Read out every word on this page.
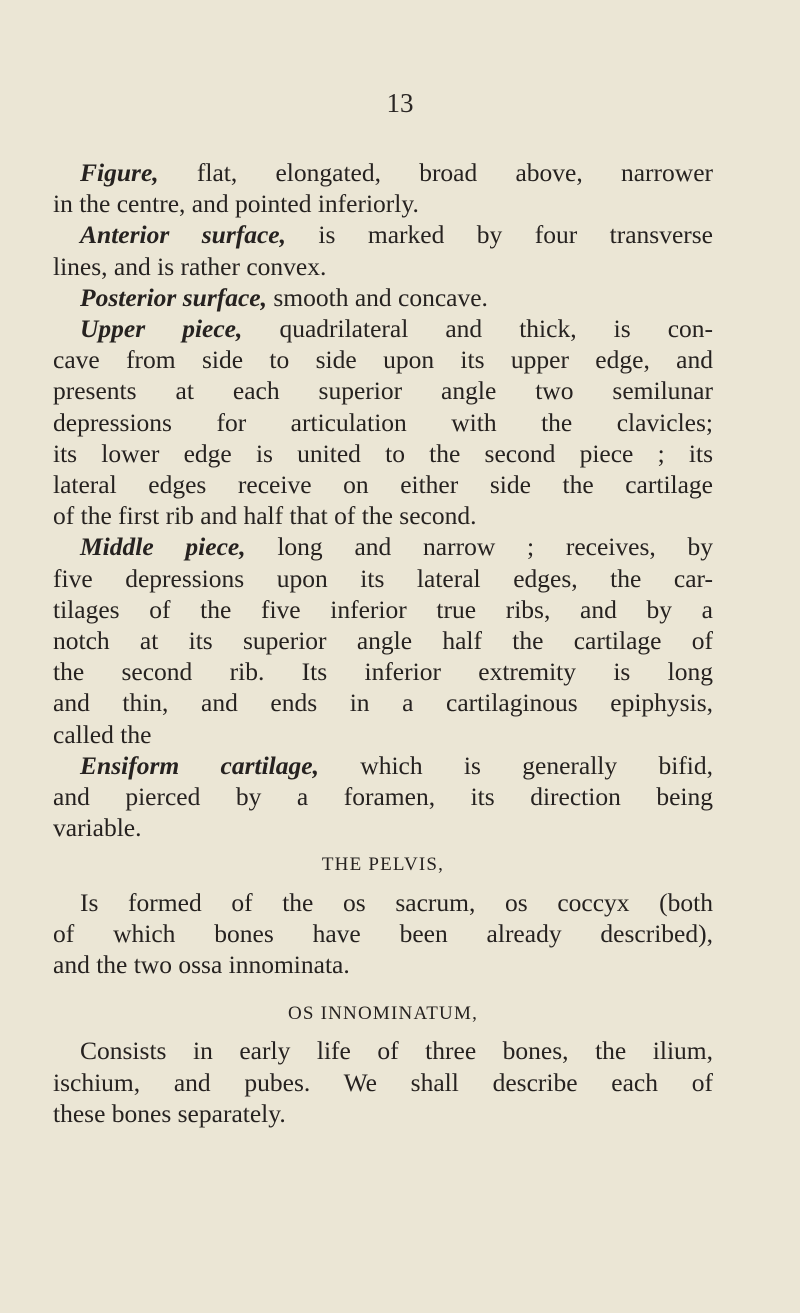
13
Figure, flat, elongated, broad above, narrower
in the centre, and pointed inferiorly.
Anterior surface, is marked by four transverse
lines, and is rather convex.
Posterior surface, smooth and concave.
Upper piece, quadrilateral and thick, is con-
cave from side to side upon its upper edge, and
presents at each superior angle two semilunar
depressions for articulation with the clavicles;
its lower edge is united to the second piece ; its
lateral edges receive on either side the cartilage
of the first rib and half that of the second.
Middle piece, long and narrow ; receives, by
five depressions upon its lateral edges, the car-
tilages of the five inferior true ribs, and by a
notch at its superior angle half the cartilage of
the second rib. Its inferior extremity is long
and thin, and ends in a cartilaginous epiphysis,
called the
Ensiform cartilage, which is generally bifid,
and pierced by a foramen, its direction being
variable.
THE PELVIS,
Is formed of the os sacrum, os coccyx (both
of which bones have been already described),
and the two ossa innominata.
OS INNOMINATUM,
Consists in early life of three bones, the ilium,
ischium, and pubes. We shall describe each of
these bones separately.
